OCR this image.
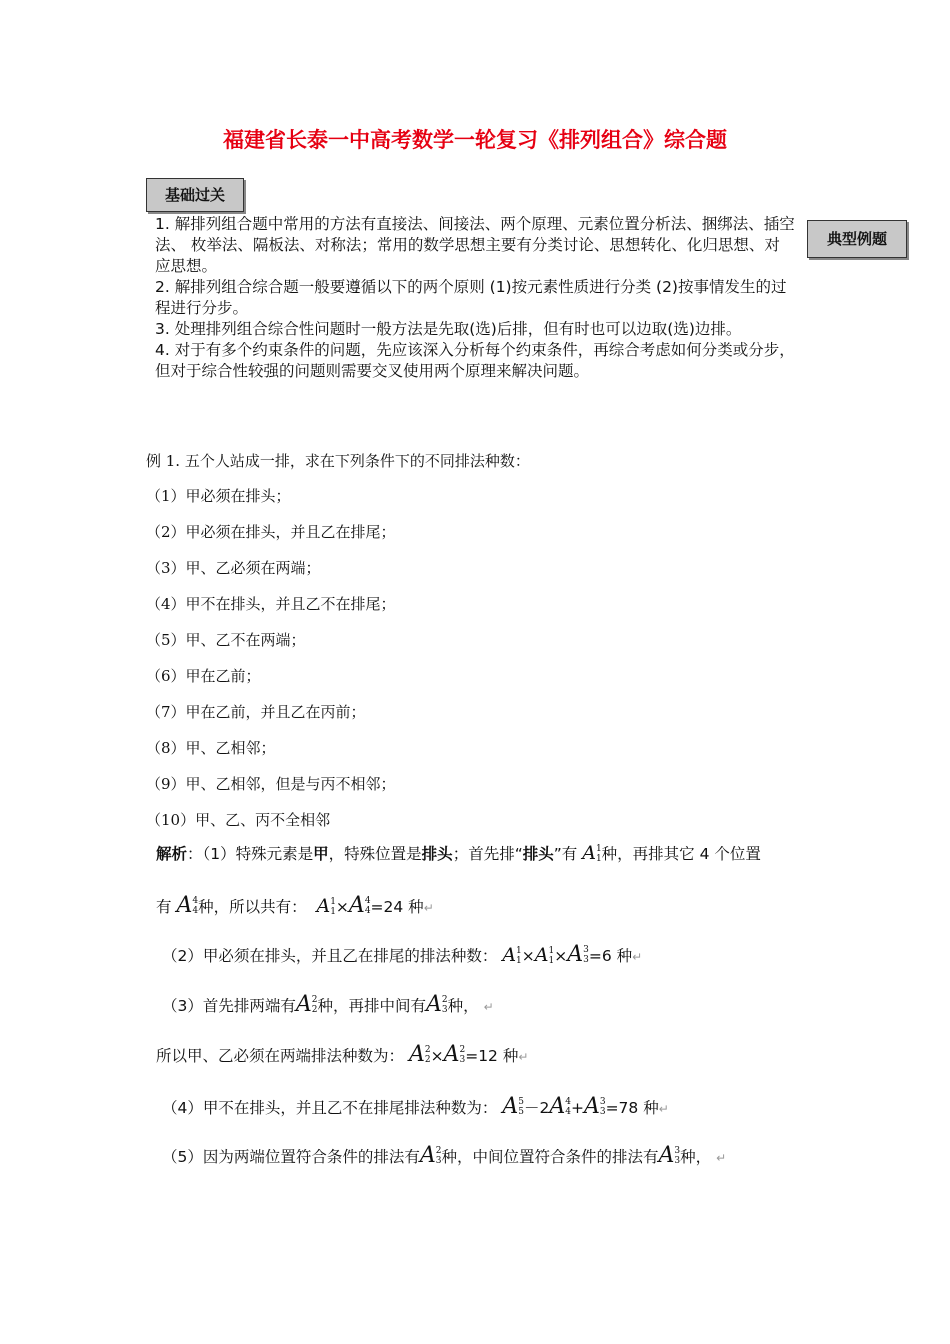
福建省长泰一中高考数学一轮复习《排列组合》综合题
基础过关
典型例题

1. 解排列组合题中常用的方法有直接法、间接法、两个原理、元素位置分析法、捆绑法、插空法、 枚举法、隔板法、对称法；常用的数学思想主要有分类讨论、思想转化、化归思想、对应思想。

2. 解排列组合综合题一般要遵循以下的两个原则 (1)按元素性质进行分类 (2)按事情发生的过程进行分步。

3. 处理排列组合综合性问题时一般方法是先取(选)后排，但有时也可以边取(选)边排。

4. 对于有多个约束条件的问题，先应该深入分析每个约束条件，再综合考虑如何分类或分步，但对于综合性较强的问题则需要交叉使用两个原理来解决问题。

例 1. 五个人站成一排，求在下列条件下的不同排法种数：
（1）甲必须在排头；
（2）甲必须在排头，并且乙在排尾；
（3）甲、乙必须在两端；
（4）甲不在排头，并且乙不在排尾；
（5）甲、乙不在两端；
（6）甲在乙前；
（7）甲在乙前，并且乙在丙前；
（8）甲、乙相邻；
（9）甲、乙相邻，但是与丙不相邻；
（10）甲、乙、丙不全相邻
解析：（1）特殊元素是甲，特殊位置是排头；首先排“排头”有 A 1
1 种，再排其它 4 个位置
有 A 4
4 种，所以共有： A 1
1 ×A 4
4 =24 种↵
（2）甲必须在排头，并且乙在排尾的排法种数： A 1
1 ×A 1
1 ×A 3
3 =6 种↵
（3）首先排两端有A 2
2 种，再排中间有A 2
3 种， ↵
所以甲、乙必须在两端排法种数为： A 2
2 ×A 2
3 =12 种↵
（4）甲不在排头，并且乙不在排尾排法种数为： A 5
5 －2A 4
4 +A 3
3 =78 种↵
（5）因为两端位置符合条件的排法有A 2
3 种，中间位置符合条件的排法有A 3
3 种， ↵
